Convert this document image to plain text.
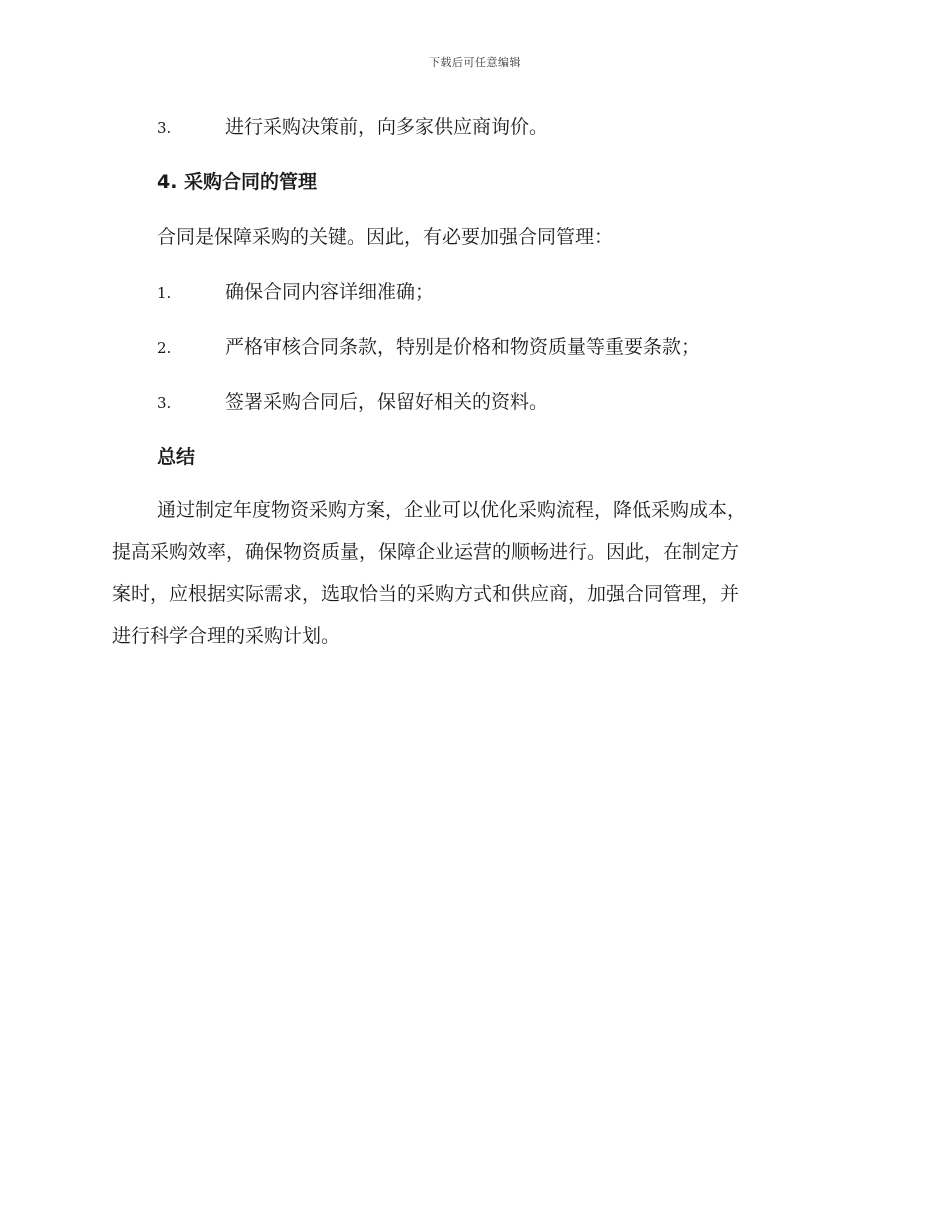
下载后可任意编辑
3.	进行采购决策前，向多家供应商询价。
4. 采购合同的管理
合同是保障采购的关键。因此，有必要加强合同管理：
1.	确保合同内容详细准确；
2.	严格审核合同条款，特别是价格和物资质量等重要条款；
3.	签署采购合同后，保留好相关的资料。
总结
通过制定年度物资采购方案，企业可以优化采购流程，降低采购成本，
提高采购效率，确保物资质量，保障企业运营的顺畅进行。因此，在制定方
案时，应根据实际需求，选取恰当的采购方式和供应商，加强合同管理，并
进行科学合理的采购计划。
